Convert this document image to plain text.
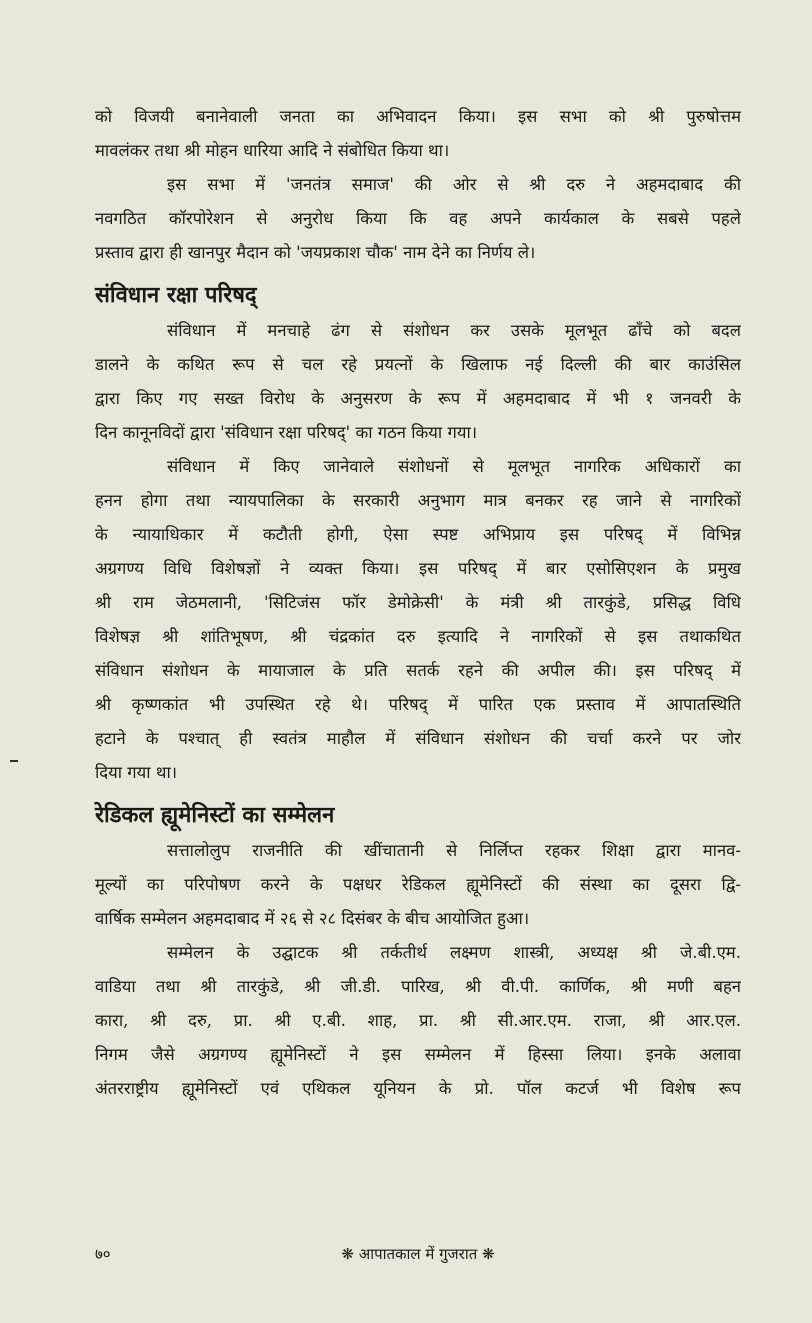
को विजयी बनानेवाली जनता का अभिवादन किया। इस सभा को श्री पुरुषोत्तम
मावलंकर तथा श्री मोहन धारिया आदि ने संबोधित किया था।
इस सभा में 'जनतंत्र समाज' की ओर से श्री दरु ने अहमदाबाद की
नवगठित कॉरपोरेशन से अनुरोध किया कि वह अपने कार्यकाल के सबसे पहले
प्रस्ताव द्वारा ही खानपुर मैदान को 'जयप्रकाश चौक' नाम देने का निर्णय ले।
संविधान रक्षा परिषद्
संविधान में मनचाहे ढंग से संशोधन कर उसके मूलभूत ढाँचे को बदल
डालने के कथित रूप से चल रहे प्रयत्नों के खिलाफ नई दिल्ली की बार काउंसिल
द्वारा किए गए सख्त विरोध के अनुसरण के रूप में अहमदाबाद में भी १ जनवरी के
दिन कानूनविदों द्वारा 'संविधान रक्षा परिषद्' का गठन किया गया।
संविधान में किए जानेवाले संशोधनों से मूलभूत नागरिक अधिकारों का
हनन होगा तथा न्यायपालिका के सरकारी अनुभाग मात्र बनकर रह जाने से नागरिकों
के न्यायाधिकार में कटौती होगी, ऐसा स्पष्ट अभिप्राय इस परिषद् में विभिन्न
अग्रगण्य विधि विशेषज्ञों ने व्यक्त किया। इस परिषद् में बार एसोसिएशन के प्रमुख
श्री राम जेठमलानी, 'सिटिजंस फॉर डेमोक्रेसी' के मंत्री श्री तारकुंडे, प्रसिद्ध विधि
विशेषज्ञ श्री शांतिभूषण, श्री चंद्रकांत दरु इत्यादि ने नागरिकों से इस तथाकथित
संविधान संशोधन के मायाजाल के प्रति सतर्क रहने की अपील की। इस परिषद् में
श्री कृष्णकांत भी उपस्थित रहे थे। परिषद् में पारित एक प्रस्ताव में आपातस्थिति
हटाने के पश्चात् ही स्वतंत्र माहौल में संविधान संशोधन की चर्चा करने पर जोर
दिया गया था।
रेडिकल ह्यूमेनिस्टों का सम्मेलन
सत्तालोलुप राजनीति की खींचातानी से निर्लिप्त रहकर शिक्षा द्वारा मानव-
मूल्यों का परिपोषण करने के पक्षधर रेडिकल ह्यूमेनिस्टों की संस्था का दूसरा द्वि-
वार्षिक सम्मेलन अहमदाबाद में २६ से २८ दिसंबर के बीच आयोजित हुआ।
सम्मेलन के उद्घाटक श्री तर्कतीर्थ लक्ष्मण शास्त्री, अध्यक्ष श्री जे.बी.एम.
वाडिया तथा श्री तारकुंडे, श्री जी.डी. पारिख, श्री वी.पी. कार्णिक, श्री मणी बहन
कारा, श्री दरु, प्रा. श्री ए.बी. शाह, प्रा. श्री सी.आर.एम. राजा, श्री आर.एल.
निगम जैसे अग्रगण्य ह्यूमेनिस्टों ने इस सम्मेलन में हिस्सा लिया। इनके अलावा
अंतरराष्ट्रीय ह्यूमेनिस्टों एवं एथिकल यूनियन के प्रो. पॉल कटर्ज भी विशेष रूप
७०	❋ आपातकाल में गुजरात ❋
